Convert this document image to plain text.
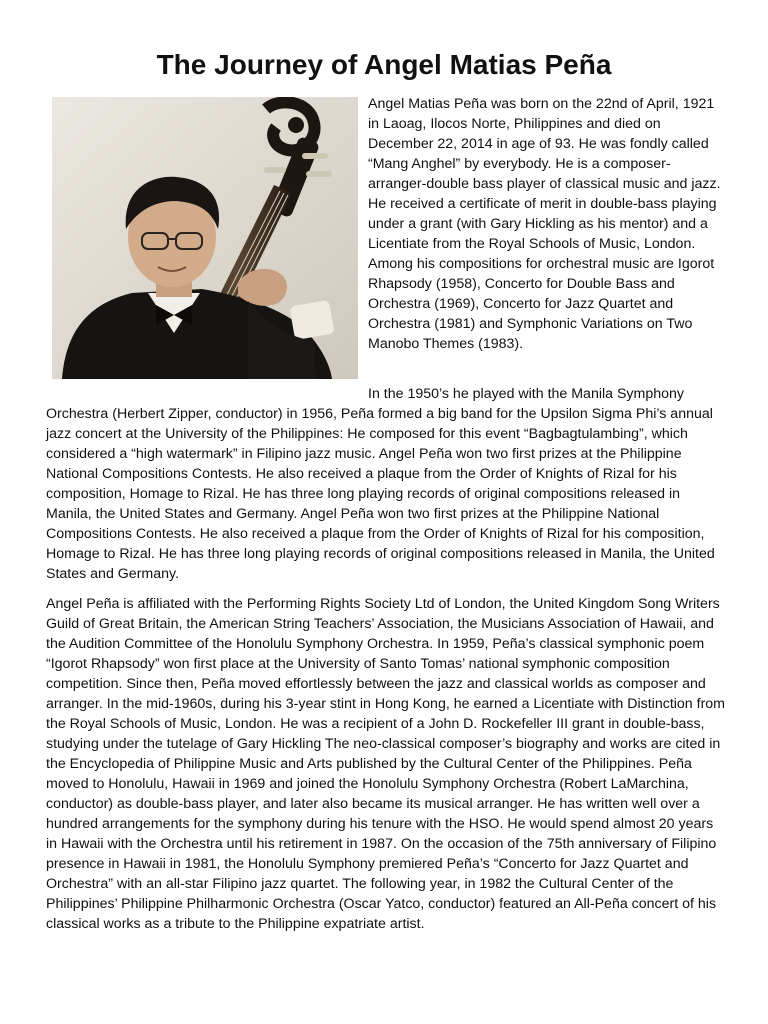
The Journey of Angel Matias Peña

Angel Matias Peña was born on the 22nd of April, 1921 in Laoag, Ilocos Norte, Philippines and died on December 22, 2014 in age of 93. He was fondly called “Mang Anghel” by everybody. He is a composer-arranger-double bass player of classical music and jazz. He received a certificate of merit in double-bass playing under a grant (with Gary Hickling as his mentor) and a Licentiate from the Royal Schools of Music, London. Among his compositions for orchestral music are Igorot Rhapsody (1958), Concerto for Double Bass and Orchestra (1969), Concerto for Jazz Quartet and Orchestra (1981) and Symphonic Variations on Two Manobo Themes (1983).

In the 1950’s he played with the Manila Symphony Orchestra (Herbert Zipper, conductor) in 1956, Peña formed a big band for the Upsilon Sigma Phi’s annual jazz concert at the University of the Philippines: He composed for this event “Bagbagtulambing”, which considered a “high watermark” in Filipino jazz music. Angel Peña won two first prizes at the Philippine National Compositions Contests. He also received a plaque from the Order of Knights of Rizal for his composition, Homage to Rizal. He has three long playing records of original compositions released in Manila, the United States and Germany. Angel Peña won two first prizes at the Philippine National Compositions Contests. He also received a plaque from the Order of Knights of Rizal for his composition, Homage to Rizal. He has three long playing records of original compositions released in Manila, the United States and Germany.

Angel Peña is affiliated with the Performing Rights Society Ltd of London, the United Kingdom Song Writers Guild of Great Britain, the American String Teachers’ Association, the Musicians Association of Hawaii, and the Audition Committee of the Honolulu Symphony Orchestra. In 1959, Peña’s classical symphonic poem “Igorot Rhapsody” won first place at the University of Santo Tomas’ national symphonic composition competition. Since then, Peña moved effortlessly between the jazz and classical worlds as composer and arranger. In the mid-1960s, during his 3-year stint in Hong Kong, he earned a Licentiate with Distinction from the Royal Schools of Music, London. He was a recipient of a John D. Rockefeller III grant in double-bass, studying under the tutelage of Gary Hickling The neo-classical composer’s biography and works are cited in the Encyclopedia of Philippine Music and Arts published by the Cultural Center of the Philippines. Peña moved to Honolulu, Hawaii in 1969 and joined the Honolulu Symphony Orchestra (Robert LaMarchina, conductor) as double-bass player, and later also became its musical arranger. He has written well over a hundred arrangements for the symphony during his tenure with the HSO. He would spend almost 20 years in Hawaii with the Orchestra until his retirement in 1987. On the occasion of the 75th anniversary of Filipino presence in Hawaii in 1981, the Honolulu Symphony premiered Peña’s “Concerto for Jazz Quartet and Orchestra” with an all-star Filipino jazz quartet. The following year, in 1982 the Cultural Center of the Philippines’ Philippine Philharmonic Orchestra (Oscar Yatco, conductor) featured an All-Peña concert of his classical works as a tribute to the Philippine expatriate artist.
